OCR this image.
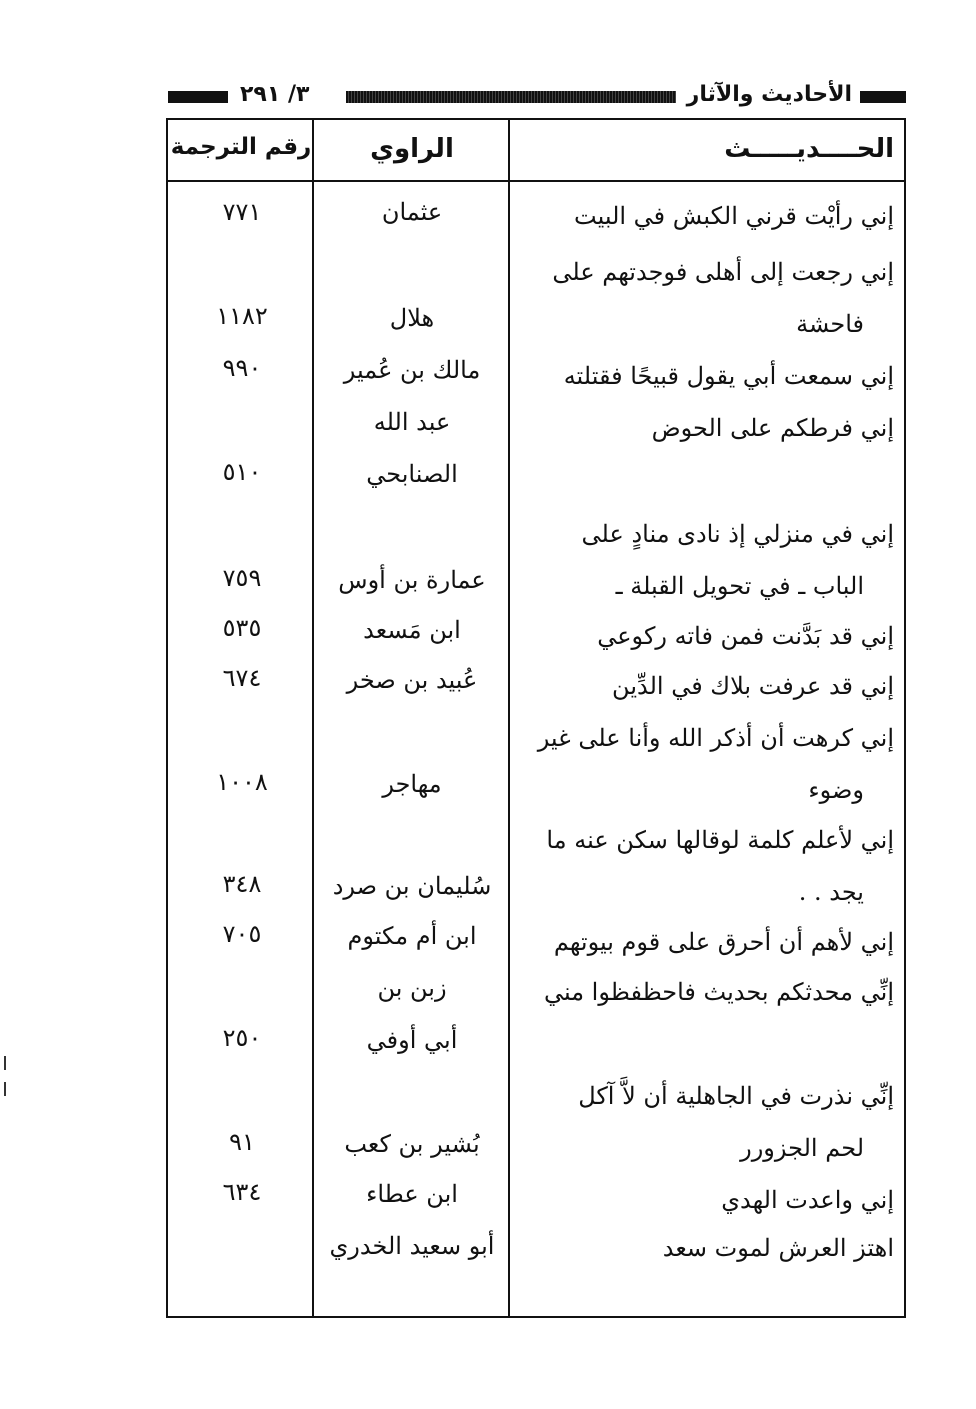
الأحاديث والآثار
٣/ ٢٩١
الحــــديـــــث
الراوي
رقم الترجمة
إني رأيْت قرني الكبش في البيت
عثمان
٧٧١
إني رجعت إلى أهلى فوجدتهم على
فاحشة
هلال
١١٨٢
إني سمعت أبي يقول قبيحًا فقتلته
مالك بن عُمير
٩٩٠
إني فرطكم على الحوض
عبد الله
الصنابحي
٥١٠
إني في منزلي إذ نادى منادٍ على
الباب ـ في تحويل القبلة ـ
عمارة بن أوس
٧٥٩
إني قد بَدَّنت فمن فاته ركوعي
ابن مَسعد
٥٣٥
إني قد عرفت بلاك في الدِّين
عُبيد بن صخر
٦٧٤
إني كرهت أن أذكر الله وأنا على غير
وضوء
مهاجر
١٠٠٨
إني لأعلم كلمة لوقالها سكن عنه ما
يجد . .
سُليمان بن صرد
٣٤٨
إني لأهم أن أحرق على قوم بيوتهم
ابن أم مكتوم
٧٠٥
إنِّي محدثكم بحديث فاحظفظوا مني
زبن بن
أبي أوفي
٢٥٠
إنِّي نذرت في الجاهلية أن لاَّ آكل
لحم الجزورر
بُشير بن كعب
٩١
إني واعدت الهدي
ابن عطاء
٦٣٤
اهتز العرش لموت سعد
أبو سعيد الخدري
